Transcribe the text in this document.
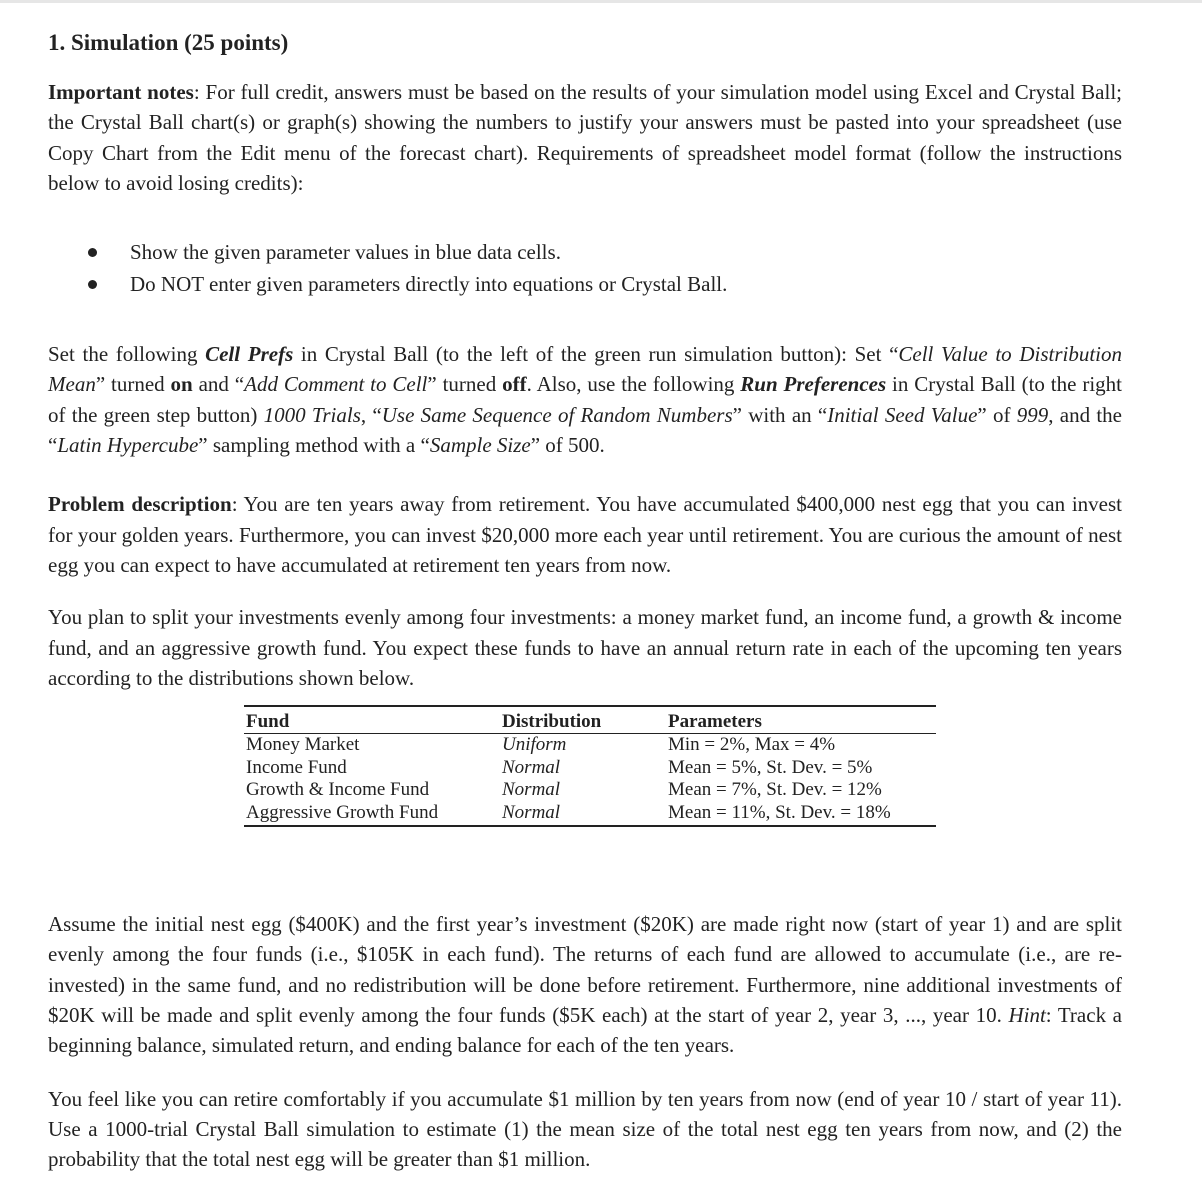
1. Simulation (25 points)

Important notes: For full credit, answers must be based on the results of your simulation model using Excel and Crystal Ball; the Crystal Ball chart(s) or graph(s) showing the numbers to justify your answers must be pasted into your spreadsheet (use Copy Chart from the Edit menu of the forecast chart). Requirements of spreadsheet model format (follow the instructions below to avoid losing credits):

Show the given parameter values in blue data cells.
Do NOT enter given parameters directly into equations or Crystal Ball.

Set the following Cell Prefs in Crystal Ball (to the left of the green run simulation button): Set “Cell Value to Distribution Mean” turned on and “Add Comment to Cell” turned off. Also, use the following Run Preferences in Crystal Ball (to the right of the green step button) 1000 Trials, “Use Same Sequence of Random Numbers” with an “Initial Seed Value” of 999, and the “Latin Hypercube” sampling method with a “Sample Size” of 500.

Problem description: You are ten years away from retirement. You have accumulated $400,000 nest egg that you can invest for your golden years. Furthermore, you can invest $20,000 more each year until retirement. You are curious the amount of nest egg you can expect to have accumulated at retirement ten years from now.

You plan to split your investments evenly among four investments: a money market fund, an income fund, a growth & income fund, and an aggressive growth fund. You expect these funds to have an annual return rate in each of the upcoming ten years according to the distributions shown below.

Assume the initial nest egg ($400K) and the first year’s investment ($20K) are made right now (start of year 1) and are split evenly among the four funds (i.e., $105K in each fund). The returns of each fund are allowed to accumulate (i.e., are re-invested) in the same fund, and no redistribution will be done before retirement. Furthermore, nine additional investments of $20K will be made and split evenly among the four funds ($5K each) at the start of year 2, year 3, ..., year 10. Hint: Track a beginning balance, simulated return, and ending balance for each of the ten years.

You feel like you can retire comfortably if you accumulate $1 million by ten years from now (end of year 10 / start of year 11). Use a 1000-trial Crystal Ball simulation to estimate (1) the mean size of the total nest egg ten years from now, and (2) the probability that the total nest egg will be greater than $1 million.

Fund	Distribution	Parameters
Money Market	Uniform	Min = 2%, Max = 4%
Income Fund	Normal	Mean = 5%, St. Dev. = 5%
Growth & Income Fund	Normal	Mean = 7%, St. Dev. = 12%
Aggressive Growth Fund	Normal	Mean = 11%, St. Dev. = 18%
